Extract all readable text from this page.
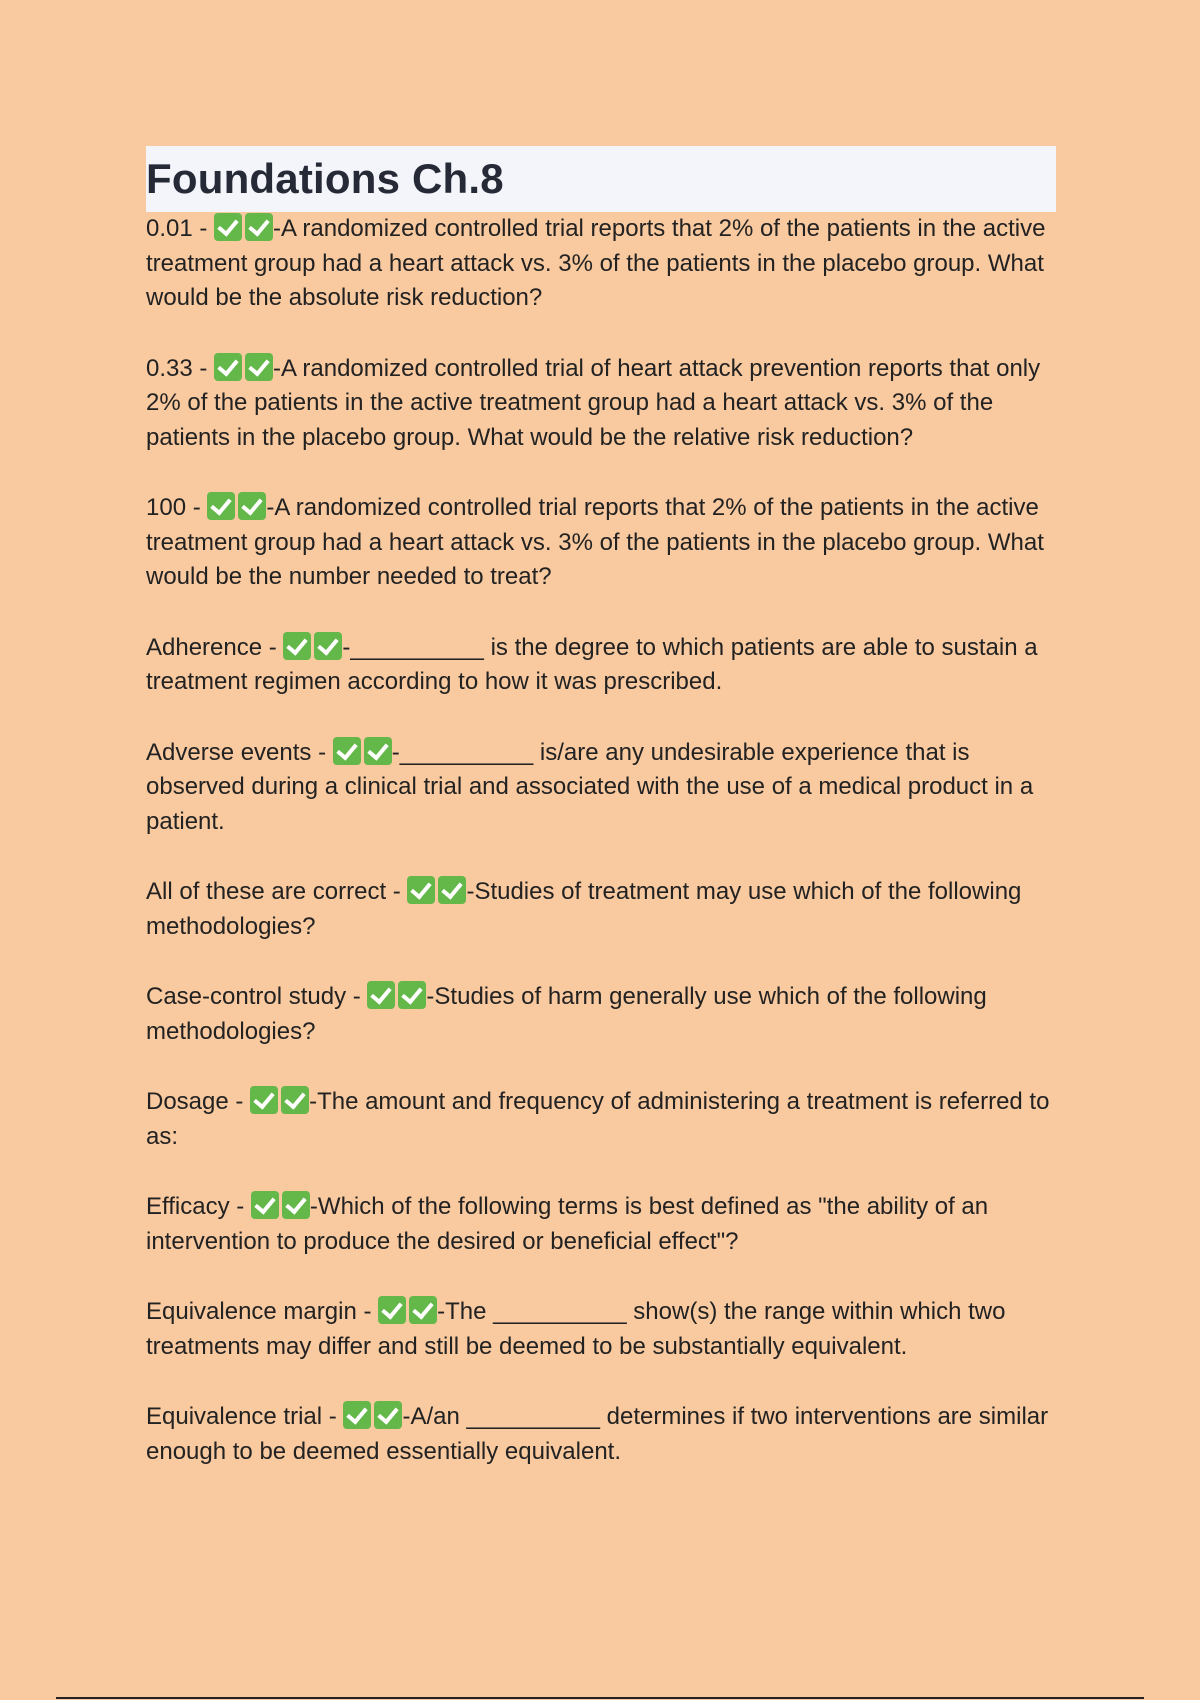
Foundations Ch.8

0.01 - -A randomized controlled trial reports that 2% of the patients in the active treatment group had a heart attack vs. 3% of the patients in the placebo group. What would be the absolute risk reduction?

0.33 - -A randomized controlled trial of heart attack prevention reports that only 2% of the patients in the active treatment group had a heart attack vs. 3% of the patients in the placebo group. What would be the relative risk reduction?

100 - -A randomized controlled trial reports that 2% of the patients in the active treatment group had a heart attack vs. 3% of the patients in the placebo group. What would be the number needed to treat?

Adherence - -__________ is the degree to which patients are able to sustain a treatment regimen according to how it was prescribed.

Adverse events - -__________ is/are any undesirable experience that is observed during a clinical trial and associated with the use of a medical product in a patient.

All of these are correct - -Studies of treatment may use which of the following methodologies?

Case-control study - -Studies of harm generally use which of the following methodologies?

Dosage - -The amount and frequency of administering a treatment is referred to as:

Efficacy - -Which of the following terms is best defined as "the ability of an intervention to produce the desired or beneficial effect"?

Equivalence margin - -The __________ show(s) the range within which two treatments may differ and still be deemed to be substantially equivalent.

Equivalence trial - -A/an __________ determines if two interventions are similar enough to be deemed essentially equivalent.
